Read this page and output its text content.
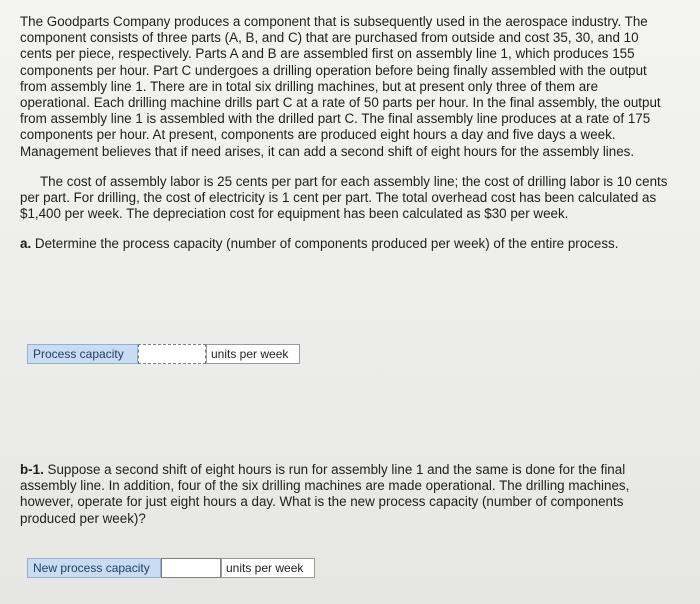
The Goodparts Company produces a component that is subsequently used in the aerospace industry. The component consists of three parts (A, B, and C) that are purchased from outside and cost 35, 30, and 10 cents per piece, respectively. Parts A and B are assembled first on assembly line 1, which produces 155 components per hour. Part C undergoes a drilling operation before being finally assembled with the output from assembly line 1. There are in total six drilling machines, but at present only three of them are operational. Each drilling machine drills part C at a rate of 50 parts per hour. In the final assembly, the output from assembly line 1 is assembled with the drilled part C. The final assembly line produces at a rate of 175 components per hour. At present, components are produced eight hours a day and five days a week. Management believes that if need arises, it can add a second shift of eight hours for the assembly lines.

The cost of assembly labor is 25 cents per part for each assembly line; the cost of drilling labor is 10 cents per part. For drilling, the cost of electricity is 1 cent per part. The total overhead cost has been calculated as $1,400 per week. The depreciation cost for equipment has been calculated as $30 per week.

a. Determine the process capacity (number of components produced per week) of the entire process.

Process capacity	units per week

b-1. Suppose a second shift of eight hours is run for assembly line 1 and the same is done for the final assembly line. In addition, four of the six drilling machines are made operational. The drilling machines, however, operate for just eight hours a day. What is the new process capacity (number of components produced per week)?

New process capacity	units per week
